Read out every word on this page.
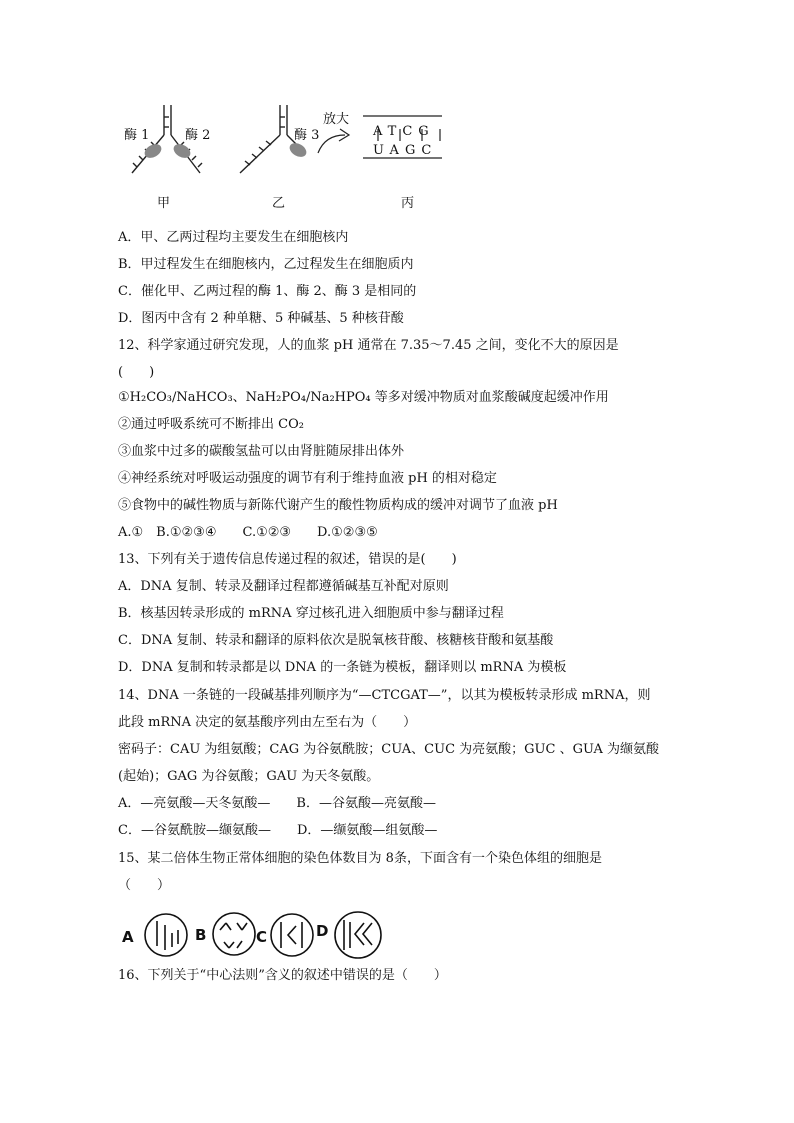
酶 1	酶 2	酶 3
放大
ATCG
UAGC
甲	乙	丙
A．甲、乙两过程均主要发生在细胞核内
B．甲过程发生在细胞核内，乙过程发生在细胞质内
C．催化甲、乙两过程的酶 1、酶 2、酶 3 是相同的
D．图丙中含有 2 种单糖、5 种碱基、5 种核苷酸
12、科学家通过研究发现，人的血浆 pH 通常在 7.35～7.45 之间，变化不大的原因是
(　　)
①H₂CO₃/NaHCO₃、NaH₂PO₄/Na₂HPO₄ 等多对缓冲物质对血浆酸碱度起缓冲作用
②通过呼吸系统可不断排出 CO₂
③血浆中过多的碳酸氢盐可以由肾脏随尿排出体外
④神经系统对呼吸运动强度的调节有利于维持血液 pH 的相对稳定
⑤食物中的碱性物质与新陈代谢产生的酸性物质构成的缓冲对调节了血液 pH
A.①　B.①②③④　　C.①②③　　D.①②③⑤
13、下列有关于遗传信息传递过程的叙述，错误的是(　　)
A．DNA 复制、转录及翻译过程都遵循碱基互补配对原则
B．核基因转录形成的 mRNA 穿过核孔进入细胞质中参与翻译过程
C．DNA 复制、转录和翻译的原料依次是脱氧核苷酸、核糖核苷酸和氨基酸
D．DNA 复制和转录都是以 DNA 的一条链为模板，翻译则以 mRNA 为模板
14、DNA 一条链的一段碱基排列顺序为“—CTCGAT—”，以其为模板转录形成 mRNA，则
此段 mRNA 决定的氨基酸序列由左至右为（　　）
密码子：CAU 为组氨酸；CAG 为谷氨酰胺；CUA、CUC 为亮氨酸；GUC 、GUA 为缬氨酸
(起始)；GAG 为谷氨酸；GAU 为天冬氨酸。
A．—亮氨酸—天冬氨酸—　　B．—谷氨酸—亮氨酸—
C．—谷氨酰胺—缬氨酸—　　D．—缬氨酸—组氨酸—
15、某二倍体生物正常体细胞的染色体数目为 8条，下面含有一个染色体组的细胞是
（　　）
A	B	C	D
16、下列关于“中心法则”含义的叙述中错误的是（　　）
